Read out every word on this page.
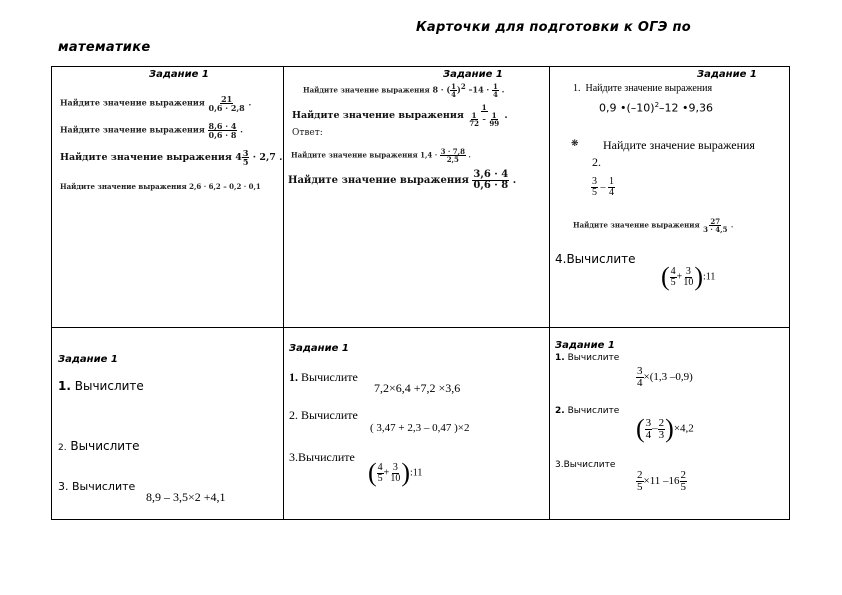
Карточки для подготовки к ОГЭ по
математике
Задание 1
Найдите значение выражения $\frac{21}{0,6 \cdot 2,8}$ .
Найдите значение выражения $\frac{8,6 \cdot 4}{0,6 \cdot 8}$ .
Найдите значение выражения $4 \frac{3}{5} \cdot 2,7$ .
Найдите значение выражения 2,6 · 6,2 – 0,2 · 0,1
Задание 1
Найдите значение выражения 8 · ( $\frac{1}{4} )^2$ $-14 \cdot \frac{1}{4}$ .
Найдите значение выражения $\frac{1}{\frac{1}{72} - \frac{1}{99}}$ .
Ответ:
Найдите значение выражения $1,4 \cdot \frac{3 \cdot 7,8}{2,5}$ .
Найдите значение выражения $\frac{3,6 \cdot 4}{0,6 \cdot 8}$ .
Задание 1
1. Найдите значение выражения
0,9 $•(-10)^2-12$ •9,36
❋ Найдите значение выражения
2.
$\frac{3}{5} - \frac{1}{4}$
Найдите значение выражения $\frac{27}{3 \cdot 4,5}$ .
4.Вычислите
( $\frac{4}{5} + \frac{3}{10}$ ):11
Задание 1
1. Вычислите
2. Вычислите
3. Вычислите
8,9 – 3,5×2 +4,1
Задание 1
1. Вычислите
7,2×6,4 +7,2 ×3,6
2. Вычислите
( 3,47 + 2,3 – 0,47 )×2
3.Вычислите
( $\frac{4}{5} + \frac{3}{10}$ ):11
Задание 1
1. Вычислите
$\frac{3}{4} \times(1,3$ –0,9)
2. Вычислите
( $\frac{3}{4} - \frac{2}{3} )\times 4,2$
3.Вычислите
$\frac{2}{5} \times 11$ $-16 \frac{2}{5}$
